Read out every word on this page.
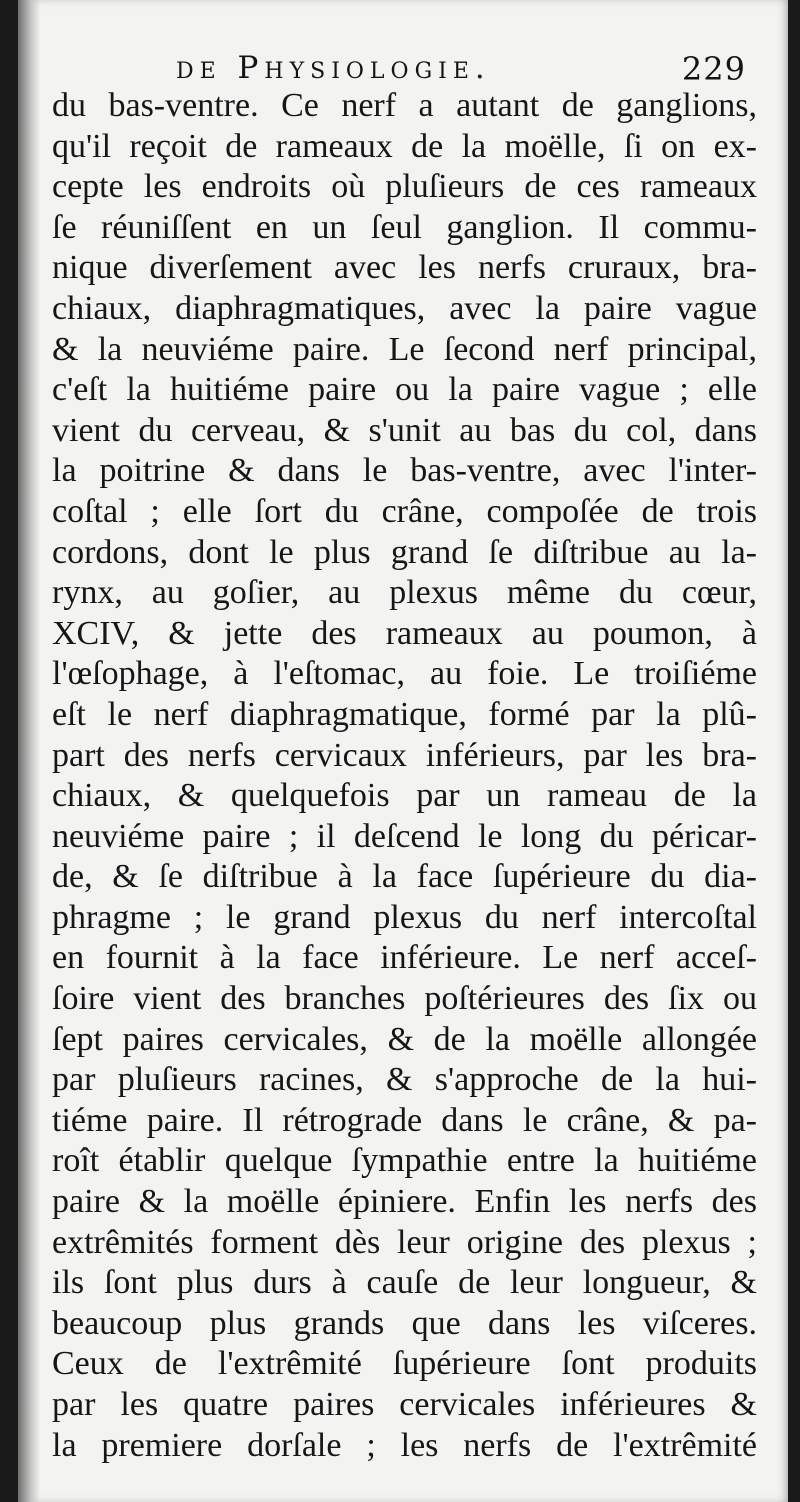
de Physiologie.	229
du bas-ventre. Ce nerf a autant de ganglions,
qu'il reçoit de rameaux de la moëlle, ſi on ex-
cepte les endroits où pluſieurs de ces rameaux
ſe réuniſſent en un ſeul ganglion. Il commu-
nique diverſement avec les nerfs cruraux, bra-
chiaux, diaphragmatiques, avec la paire vague
& la neuviéme paire. Le ſecond nerf principal,
c'eſt la huitiéme paire ou la paire vague ; elle
vient du cerveau, & s'unit au bas du col, dans
la poitrine & dans le bas-ventre, avec l'inter-
coſtal ; elle ſort du crâne, compoſée de trois
cordons, dont le plus grand ſe diſtribue au la-
rynx, au goſier, au plexus même du cœur,
XCIV, & jette des rameaux au poumon, à
l'œſophage, à l'eſtomac, au foie. Le troiſiéme
eſt le nerf diaphragmatique, formé par la plû-
part des nerfs cervicaux inférieurs, par les bra-
chiaux, & quelquefois par un rameau de la
neuviéme paire ; il deſcend le long du péricar-
de, & ſe diſtribue à la face ſupérieure du dia-
phragme ; le grand plexus du nerf intercoſtal
en fournit à la face inférieure. Le nerf acceſ-
ſoire vient des branches poſtérieures des ſix ou
ſept paires cervicales, & de la moëlle allongée
par pluſieurs racines, & s'approche de la hui-
tiéme paire. Il rétrograde dans le crâne, & pa-
roît établir quelque ſympathie entre la huitiéme
paire & la moëlle épiniere. Enfin les nerfs des
extrêmités forment dès leur origine des plexus ;
ils ſont plus durs à cauſe de leur longueur, &
beaucoup plus grands que dans les viſceres.
Ceux de l'extrêmité ſupérieure ſont produits
par les quatre paires cervicales inférieures &
la premiere dorſale ; les nerfs de l'extrêmité
